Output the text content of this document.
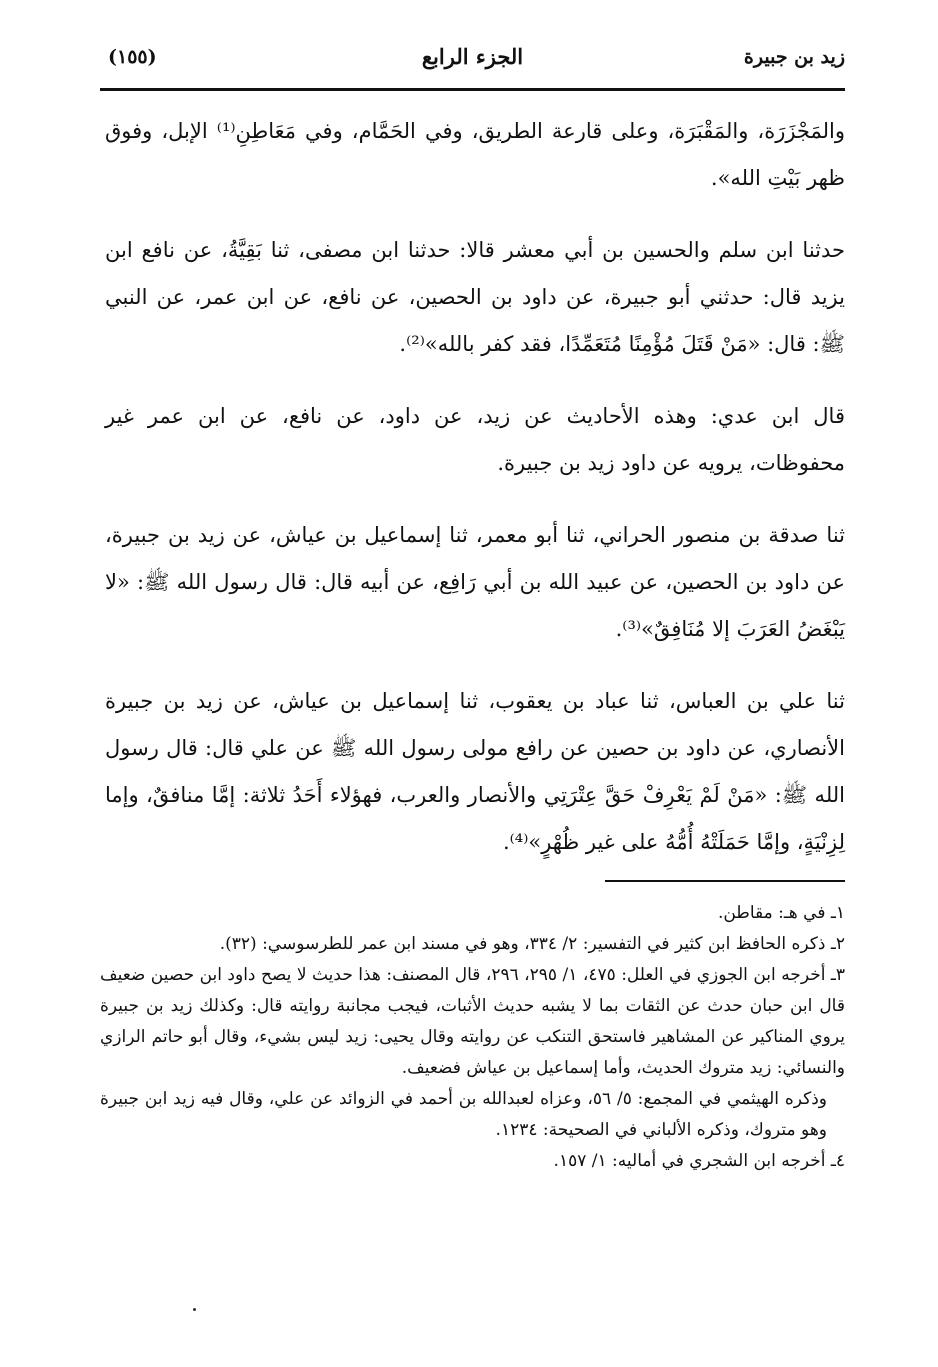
زيد بن جبيرة
الجزء الرابع
(١٥٥)

والمَجْزَرَة، والمَقْبَرَة، وعلى قارعة الطريق، وفي الحَمَّام، وفي مَعَاطِنِ⁽¹⁾ الإبل، وفوق ظهر بَيْتِ الله».

حدثنا ابن سلم والحسين بن أبي معشر قالا: حدثنا ابن مصفى، ثنا بَقِيَّةُ، عن نافع ابن يزيد قال: حدثني أبو جبيرة، عن داود بن الحصين، عن نافع، عن ابن عمر، عن النبي ﷺ: قال: «مَنْ قَتَلَ مُؤْمِنًا مُتَعَمِّدًا، فقد كفر بالله»⁽²⁾.

قال ابن عدي: وهذه الأحاديث عن زيد، عن داود، عن نافع، عن ابن عمر غير محفوظات، يرويه عن داود زيد بن جبيرة.

ثنا صدقة بن منصور الحراني، ثنا أبو معمر، ثنا إسماعيل بن عياش، عن زيد بن جبيرة، عن داود بن الحصين، عن عبيد الله بن أبي رَافِع، عن أبيه قال: قال رسول الله ﷺ: «لا يَبْغَضُ العَرَبَ إلا مُنَافِقٌ»⁽³⁾.

ثنا علي بن العباس، ثنا عباد بن يعقوب، ثنا إسماعيل بن عياش، عن زيد بن جبيرة الأنصاري، عن داود بن حصين عن رافع مولى رسول الله ﷺ عن علي قال: قال رسول الله ﷺ: «مَنْ لَمْ يَعْرِفْ حَقَّ عِتْرَتِي والأنصار والعرب، فهؤلاء أَحَدُ ثلاثة: إمَّا منافقٌ، وإما لِزِنْيَةٍ، وإمَّا حَمَلَتْهُ أُمُّهُ على غير ظُهْرٍ»⁽⁴⁾.

١ـ في هـ: مقاطن.

٢ـ ذكره الحافظ ابن كثير في التفسير: ٢/ ٣٣٤، وهو في مسند ابن عمر للطرسوسي: (٣٢).

٣ـ أخرجه ابن الجوزي في العلل: ٤٧٥، ١/ ٢٩٥، ٢٩٦، قال المصنف: هذا حديث لا يصح داود ابن حصين ضعيف قال ابن حبان حدث عن الثقات بما لا يشبه حديث الأثبات، فيجب مجانبة روايته قال: وكذلك زيد بن جبيرة يروي المناكير عن المشاهير فاستحق التنكب عن روايته وقال يحيى: زيد ليس بشيء، وقال أبو حاتم الرازي والنسائي: زيد متروك الحديث، وأما إسماعيل بن عياش فضعيف.

وذكره الهيثمي في المجمع: ٥/ ٥٦، وعزاه لعبدالله بن أحمد في الزوائد عن علي، وقال فيه زيد ابن جبيرة وهو متروك، وذكره الألباني في الصحيحة: ١٢٣٤.

٤ـ أخرجه ابن الشجري في أماليه: ١/ ١٥٧.
